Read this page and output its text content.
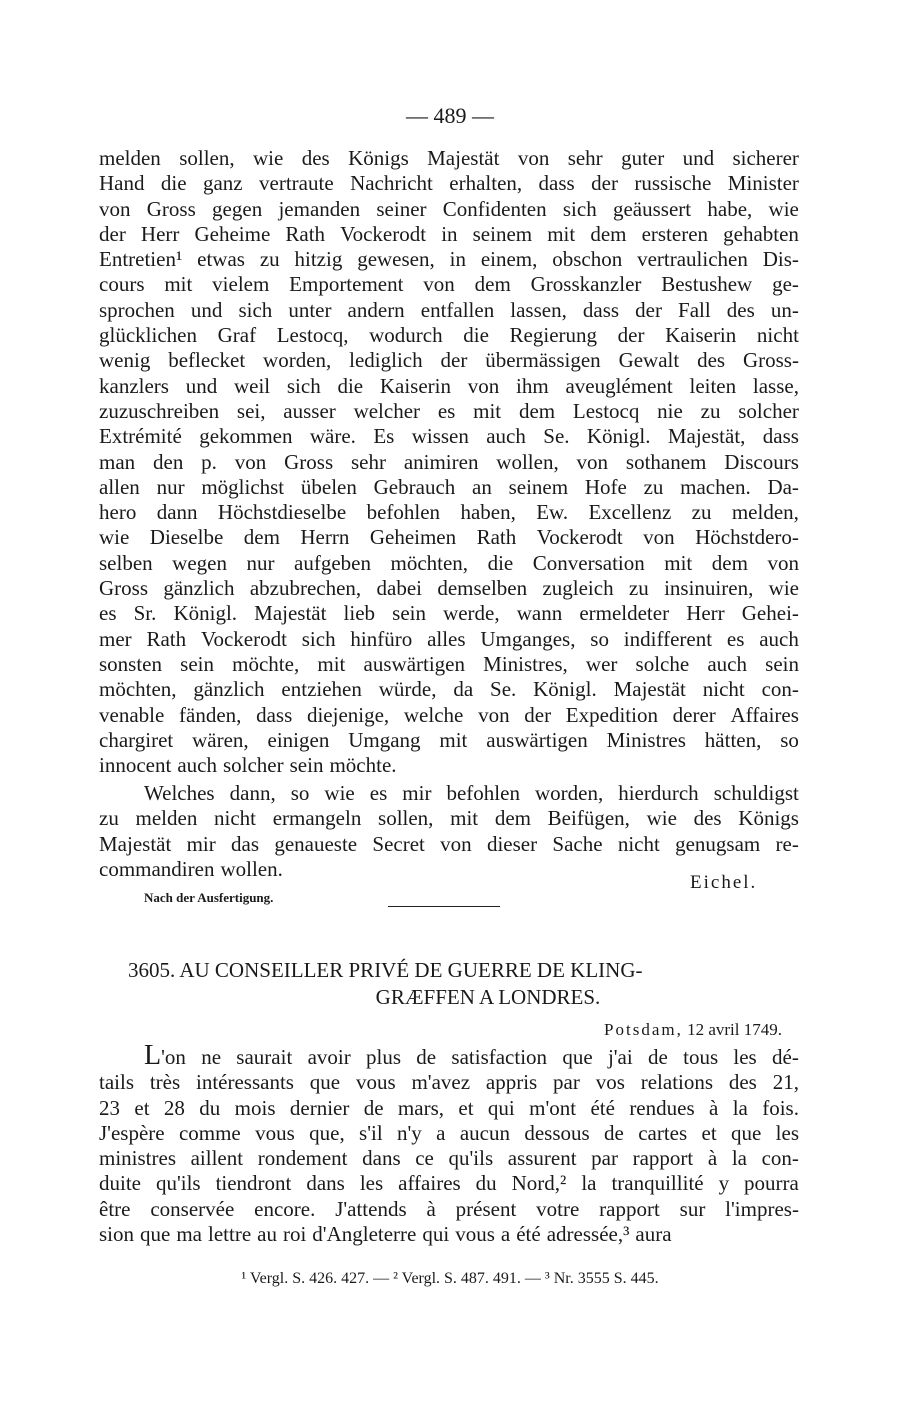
— 489 —
melden sollen, wie des Königs Majestät von sehr guter und sicherer
Hand die ganz vertraute Nachricht erhalten, dass der russische Minister
von Gross gegen jemanden seiner Confidenten sich geäussert habe, wie
der Herr Geheime Rath Vockerodt in seinem mit dem ersteren gehabten
Entretien¹ etwas zu hitzig gewesen, in einem, obschon vertraulichen Dis-
cours mit vielem Emportement von dem Grosskanzler Bestushew ge-
sprochen und sich unter andern entfallen lassen, dass der Fall des un-
glücklichen Graf Lestocq, wodurch die Regierung der Kaiserin nicht
wenig beflecket worden, lediglich der übermässigen Gewalt des Gross-
kanzlers und weil sich die Kaiserin von ihm aveuglément leiten lasse,
zuzuschreiben sei, ausser welcher es mit dem Lestocq nie zu solcher
Extrémité gekommen wäre. Es wissen auch Se. Königl. Majestät, dass
man den p. von Gross sehr animiren wollen, von sothanem Discours
allen nur möglichst übelen Gebrauch an seinem Hofe zu machen. Da-
hero dann Höchstdieselbe befohlen haben, Ew. Excellenz zu melden,
wie Dieselbe dem Herrn Geheimen Rath Vockerodt von Höchstdero-
selben wegen nur aufgeben möchten, die Conversation mit dem von
Gross gänzlich abzubrechen, dabei demselben zugleich zu insinuiren, wie
es Sr. Königl. Majestät lieb sein werde, wann ermeldeter Herr Gehei-
mer Rath Vockerodt sich hinfüro alles Umganges, so indifferent es auch
sonsten sein möchte, mit auswärtigen Ministres, wer solche auch sein
möchten, gänzlich entziehen würde, da Se. Königl. Majestät nicht con-
venable fänden, dass diejenige, welche von der Expedition derer Affaires
chargiret wären, einigen Umgang mit auswärtigen Ministres hätten, so
innocent auch solcher sein möchte.
Welches dann, so wie es mir befohlen worden, hierdurch schuldigst
zu melden nicht ermangeln sollen, mit dem Beifügen, wie des Königs
Majestät mir das genaueste Secret von dieser Sache nicht genugsam re-
commandiren wollen.
Eichel.
Nach der Ausfertigung.
3605. AU CONSEILLER PRIVÉ DE GUERRE DE KLING-
GRÆFFEN A LONDRES.
Potsdam, 12 avril 1749.
L'on ne saurait avoir plus de satisfaction que j'ai de tous les dé-
tails très intéressants que vous m'avez appris par vos relations des 21,
23 et 28 du mois dernier de mars, et qui m'ont été rendues à la fois.
J'espère comme vous que, s'il n'y a aucun dessous de cartes et que les
ministres aillent rondement dans ce qu'ils assurent par rapport à la con-
duite qu'ils tiendront dans les affaires du Nord,² la tranquillité y pourra
être conservée encore. J'attends à présent votre rapport sur l'impres-
sion que ma lettre au roi d'Angleterre qui vous a été adressée,³ aura
¹ Vergl. S. 426. 427. — ² Vergl. S. 487. 491. — ³ Nr. 3555 S. 445.
